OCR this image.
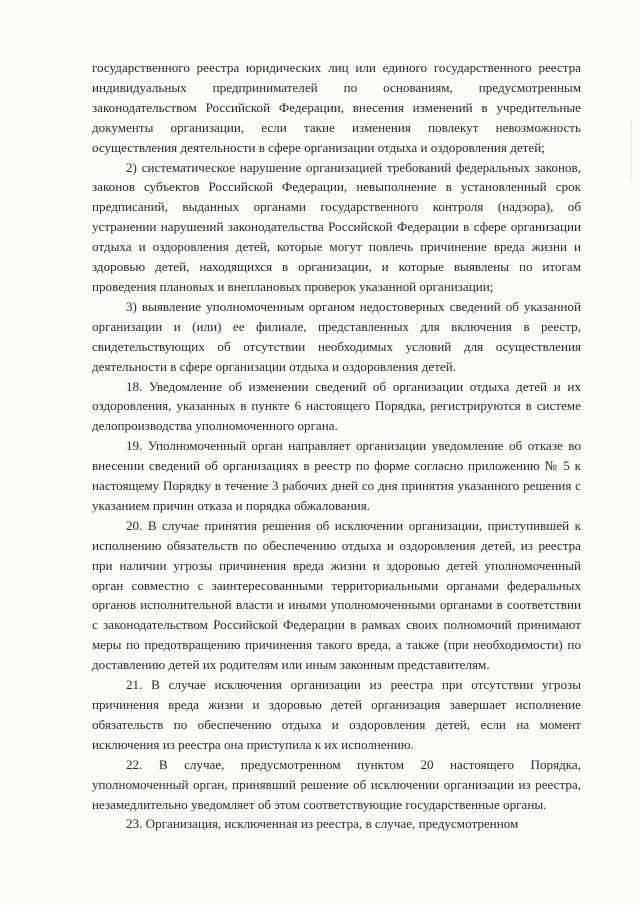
государственного реестра юридических лиц или единого государственного реестра индивидуальных предпринимателей по основаниям, предусмотренным законодательством Российской Федерации, внесения изменений в учредительные документы организации, если такие изменения повлекут невозможность осуществления деятельности в сфере организации отдыха и оздоровления детей;

2) систематическое нарушение организацией требований федеральных законов, законов субъектов Российской Федерации, невыполнение в установленный срок предписаний, выданных органами государственного контроля (надзора), об устранении нарушений законодательства Российской Федерации в сфере организации отдыха и оздоровления детей, которые могут повлечь причинение вреда жизни и здоровью детей, находящихся в организации, и которые выявлены по итогам проведения плановых и внеплановых проверок указанной организации;

3) выявление уполномоченным органом недостоверных сведений об указанной организации и (или) ее филиале, представленных для включения в реестр, свидетельствующих об отсутствии необходимых условий для осуществления деятельности в сфере организации отдыха и оздоровления детей.

18. Уведомление об изменении сведений об организации отдыха детей и их оздоровления, указанных в пункте 6 настоящего Порядка, регистрируются в системе делопроизводства уполномоченного органа.

19. Уполномоченный орган направляет организации уведомление об отказе во внесении сведений об организациях в реестр по форме согласно приложению № 5 к настоящему Порядку в течение 3 рабочих дней со дня принятия указанного решения с указанием причин отказа и порядка обжалования.

20. В случае принятия решения об исключении организации, приступившей к исполнению обязательств по обеспечению отдыха и оздоровления детей, из реестра при наличии угрозы причинения вреда жизни и здоровью детей уполномоченный орган совместно с заинтересованными территориальными органами федеральных органов исполнительной власти и иными уполномоченными органами в соответствии с законодательством Российской Федерации в рамках своих полномочий принимают меры по предотвращению причинения такого вреда, а также (при необходимости) по доставлению детей их родителям или иным законным представителям.

21. В случае исключения организации из реестра при отсутствии угрозы причинения вреда жизни и здоровью детей организация завершает исполнение обязательств по обеспечению отдыха и оздоровления детей, если на момент исключения из реестра она приступила к их исполнению.

22. В случае, предусмотренном пунктом 20 настоящего Порядка, уполномоченный орган, принявший решение об исключении организации из реестра, незамедлительно уведомляет об этом соответствующие государственные органы.

23. Организация, исключенная из реестра, в случае, предусмотренном
